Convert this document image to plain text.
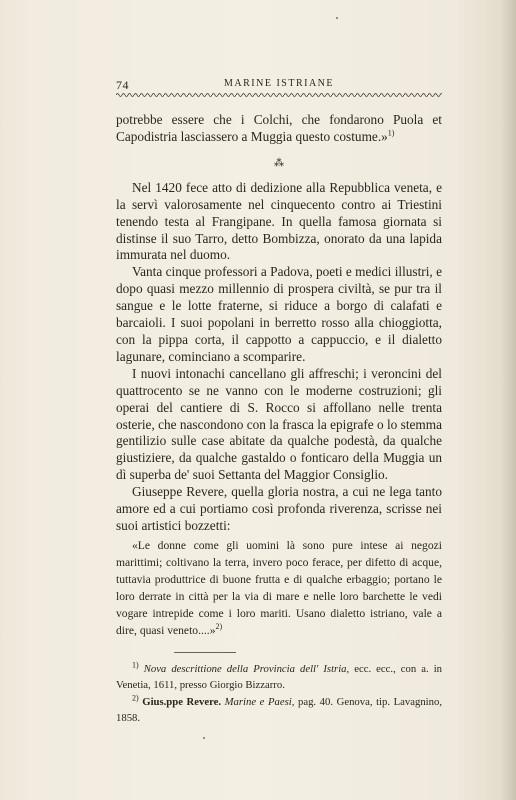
74	MARINE ISTRIANE

potrebbe essere che i Colchi, che fondarono Puola et Capodistria lasciassero a Muggia questo costume.»$^{1)}$

⁂

Nel 1420 fece atto di dedizione alla Repubblica veneta, e la servì valorosamente nel cinquecento contro ai Triestini tenendo testa al Frangipane. In quella famosa giornata si distinse il suo Tarro, detto Bombizza, onorato da una lapida immurata nel duomo.

Vanta cinque professori a Padova, poeti e medici illustri, e dopo quasi mezzo millennio di prospera civiltà, se pur tra il sangue e le lotte fraterne, si riduce a borgo di calafati e barcaioli. I suoi popolani in berretto rosso alla chioggiotta, con la pippa corta, il cappotto a cappuccio, e il dialetto lagunare, cominciano a scomparire.

I nuovi intonachi cancellano gli affreschi; i veroncini del quattrocento se ne vanno con le moderne costruzioni; gli operai del cantiere di S. Rocco si affollano nelle trenta osterie, che nascondono con la frasca la epigrafe o lo stemma gentilizio sulle case abitate da qualche podestà, da qualche giustiziere, da qualche gastaldo o fonticaro della Muggia un dì superba de' suoi Settanta del Maggior Consiglio.

Giuseppe Revere, quella gloria nostra, a cui ne lega tanto amore ed a cui portiamo così profonda riverenza, scrisse nei suoi artistici bozzetti:

«Le donne come gli uomini là sono pure intese ai negozi marittimi; coltivano la terra, invero poco ferace, per difetto di acque, tuttavia produttrice di buone frutta e di qualche erbaggio; portano le loro derrate in città per la via di mare e nelle loro barchette le vedi vogare intrepide come i loro mariti. Usano dialetto istriano, vale a dire, quasi veneto....»$^{2)}$

$^{1)}$ Nova descrittione della Provincia dell' Istria, ecc. ecc., con a. in Venetia, 1611, presso Giorgio Bizzarro.

$^{2)}$ Gius.ppe Revere. Marine e Paesi, pag. 40. Genova, tip. Lavagnino, 1858.
